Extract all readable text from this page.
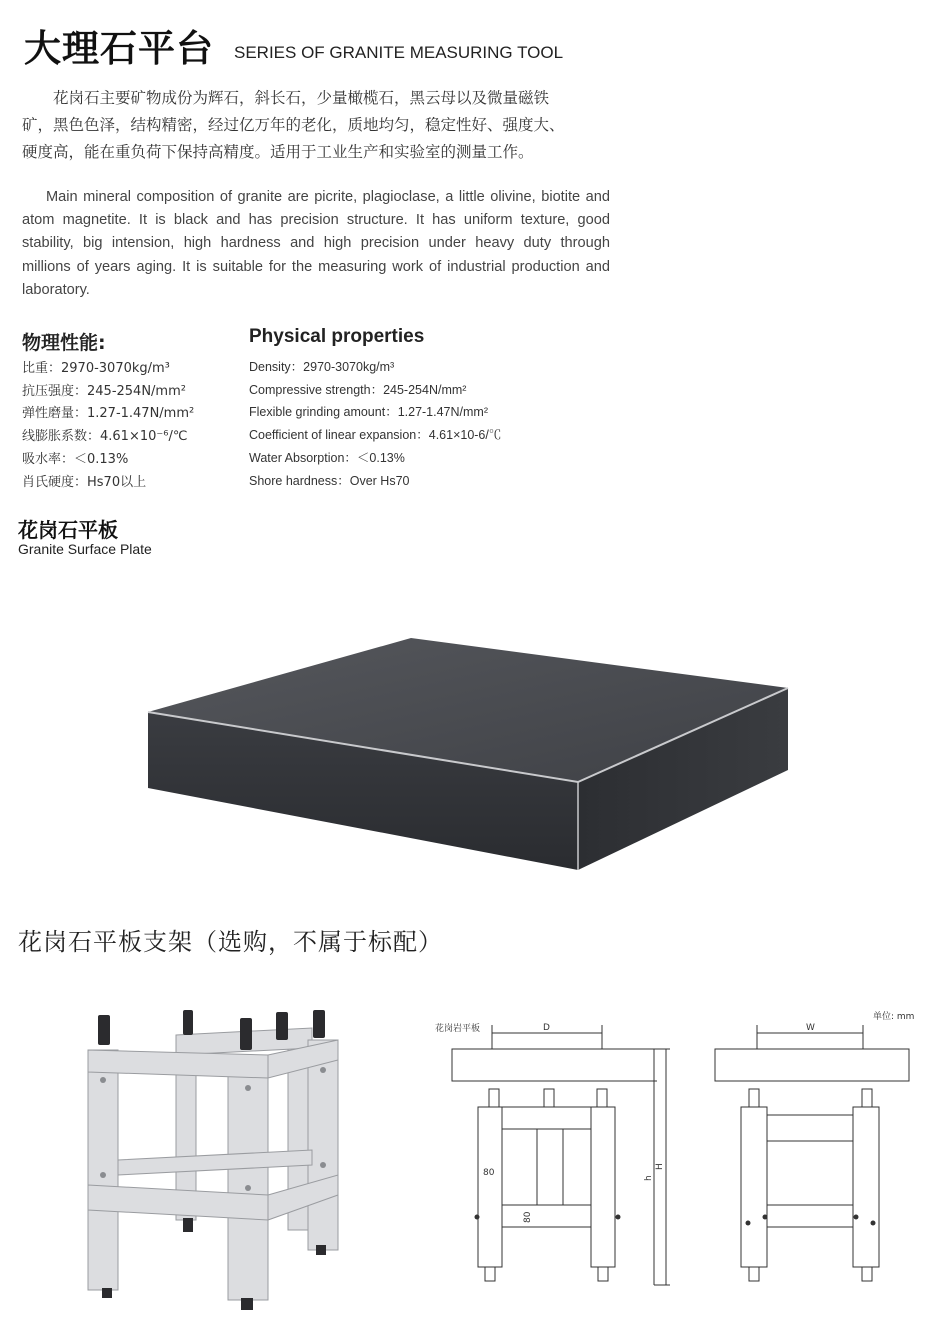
大理石平台 SERIES OF GRANITE MEASURING TOOL
　　花岗石主要矿物成份为辉石，斜长石，少量橄榄石，黑云母以及微量磁铁
矿，黑色色泽，结构精密，经过亿万年的老化，质地均匀，稳定性好、强度大、
硬度高，能在重负荷下保持高精度。适用于工业生产和实验室的测量工作。
Main mineral composition of granite are picrite, plagioclase, a little olivine, biotite and
atom magnetite. It is black and has precision structure. It has uniform texture, good
stability, big intension, high hardness and high precision under heavy duty through
millions of years aging. It is suitable for the measuring work of industrial production and
laboratory.
物理性能:	Physical properties
比重：2970-3070kg/m³
抗压强度：245-254N/mm²
弹性磨量：1.27-1.47N/mm²
线膨胀系数：4.61×10⁻⁶/℃
吸水率：＜0.13%
肖氏硬度：Hs70以上
Density：2970-3070kg/m³
Compressive strength：245-254N/mm²
Flexible grinding amount：1.27-1.47N/mm²
Coefficient of linear expansion：4.61×10-6/℃
Water Absorption：＜0.13%
Shore hardness：Over Hs70
花岗石平板
Granite Surface Plate
花岗石平板支架（选购，不属于标配）
花岗岩平板	D	W
单位: mm
H
h
80
80
